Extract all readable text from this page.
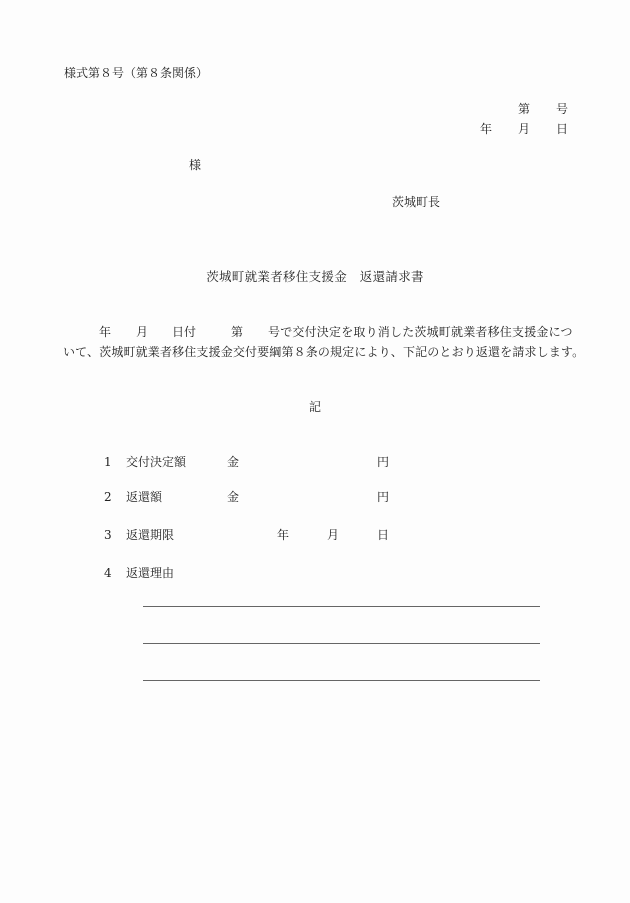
様式第８号（第８条関係）
第 号
年 月 日
様
茨城町長
茨城町就業者移住支援金　返還請求書
年 月 日付	第 号で交付決定を取り消した茨城町就業者移住支援金につ
いて、茨城町就業者移住支援金交付要綱第８条の規定により、下記のとおり返還を請求します。
記
1 交付決定額	金	円
2 返還額	金	円
3 返還期限	年	月	日
4 返還理由
